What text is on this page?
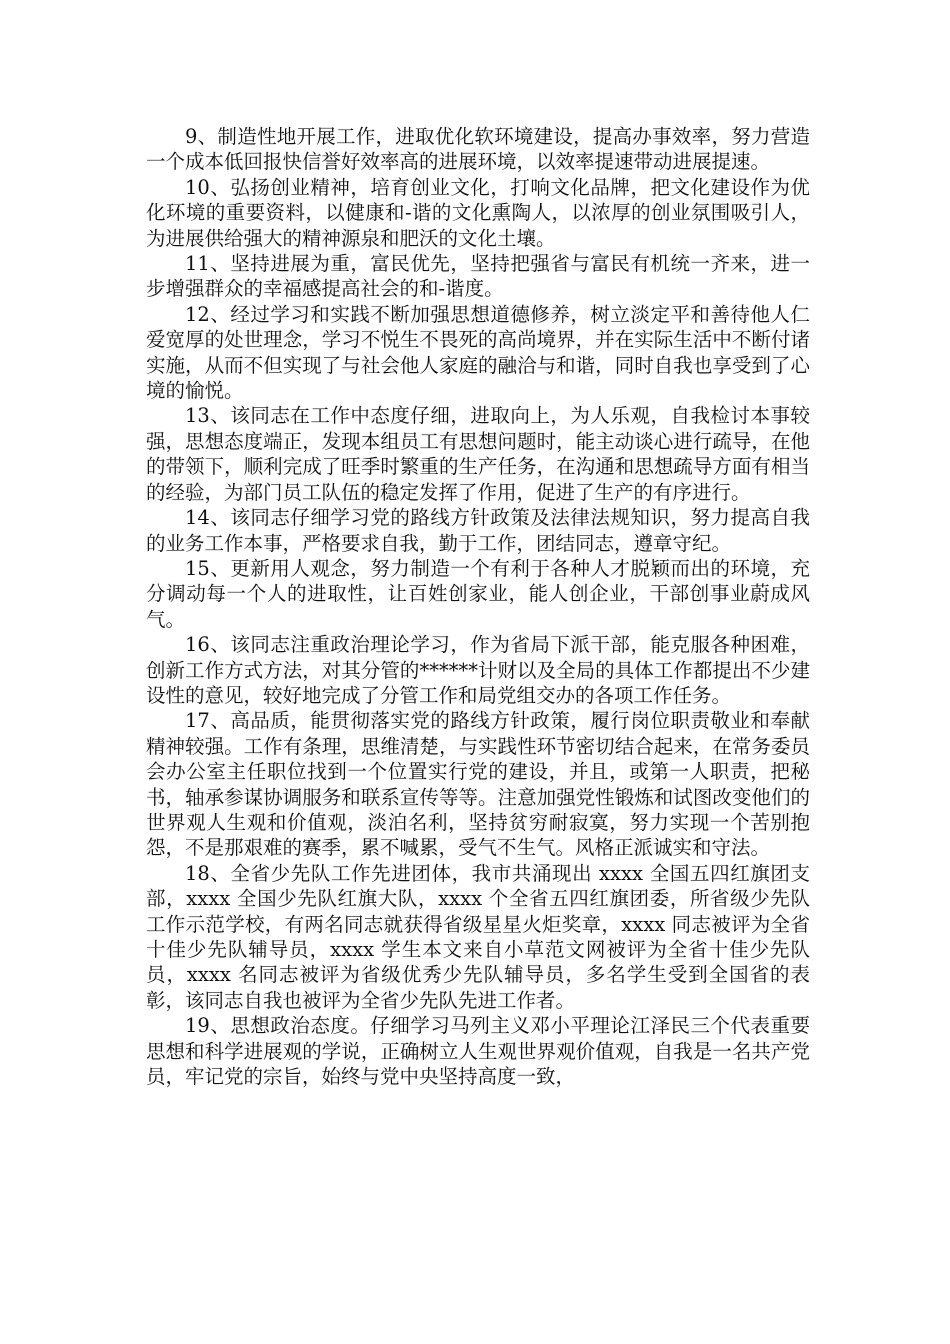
9、制造性地开展工作，进取优化软环境建设，提高办事效率，努力营造一个成本低回报快信誉好效率高的进展环境，以效率提速带动进展提速。

10、弘扬创业精神，培育创业文化，打响文化品牌，把文化建设作为优化环境的重要资料，以健康和-谐的文化熏陶人，以浓厚的创业氛围吸引人，为进展供给强大的精神源泉和肥沃的文化土壤。

11、坚持进展为重，富民优先，坚持把强省与富民有机统一齐来，进一步增强群众的幸福感提高社会的和-谐度。

12、经过学习和实践不断加强思想道德修养，树立淡定平和善待他人仁爱宽厚的处世理念，学习不悦生不畏死的高尚境界，并在实际生活中不断付诸实施，从而不但实现了与社会他人家庭的融洽与和谐，同时自我也享受到了心境的愉悦。

13、该同志在工作中态度仔细，进取向上，为人乐观，自我检讨本事较强，思想态度端正，发现本组员工有思想问题时，能主动谈心进行疏导，在他的带领下，顺利完成了旺季时繁重的生产任务，在沟通和思想疏导方面有相当的经验，为部门员工队伍的稳定发挥了作用，促进了生产的有序进行。

14、该同志仔细学习党的路线方针政策及法律法规知识，努力提高自我的业务工作本事，严格要求自我，勤于工作，团结同志，遵章守纪。

15、更新用人观念，努力制造一个有利于各种人才脱颖而出的环境，充分调动每一个人的进取性，让百姓创家业，能人创企业，干部创事业蔚成风气。

16、该同志注重政治理论学习，作为省局下派干部，能克服各种困难，创新工作方式方法，对其分管的******计财以及全局的具体工作都提出不少建设性的意见，较好地完成了分管工作和局党组交办的各项工作任务。

17、高品质，能贯彻落实党的路线方针政策，履行岗位职责敬业和奉献精神较强。工作有条理，思维清楚，与实践性环节密切结合起来，在常务委员会办公室主任职位找到一个位置实行党的建设，并且，或第一人职责，把秘书，轴承参谋协调服务和联系宣传等等。注意加强党性锻炼和试图改变他们的世界观人生观和价值观，淡泊名利，坚持贫穷耐寂寞，努力实现一个苦别抱怨，不是那艰难的赛季，累不喊累，受气不生气。风格正派诚实和守法。

18、全省少先队工作先进团体，我市共涌现出 xxxx 全国五四红旗团支部，xxxx 全国少先队红旗大队，xxxx 个全省五四红旗团委，所省级少先队工作示范学校，有两名同志就获得省级星星火炬奖章，xxxx 同志被评为全省十佳少先队辅导员，xxxx 学生本文来自小草范文网被评为全省十佳少先队员，xxxx 名同志被评为省级优秀少先队辅导员，多名学生受到全国省的表彰，该同志自我也被评为全省少先队先进工作者。

19、思想政治态度。仔细学习马列主义邓小平理论江泽民三个代表重要思想和科学进展观的学说，正确树立人生观世界观价值观，自我是一名共产党员，牢记党的宗旨，始终与党中央坚持高度一致，
